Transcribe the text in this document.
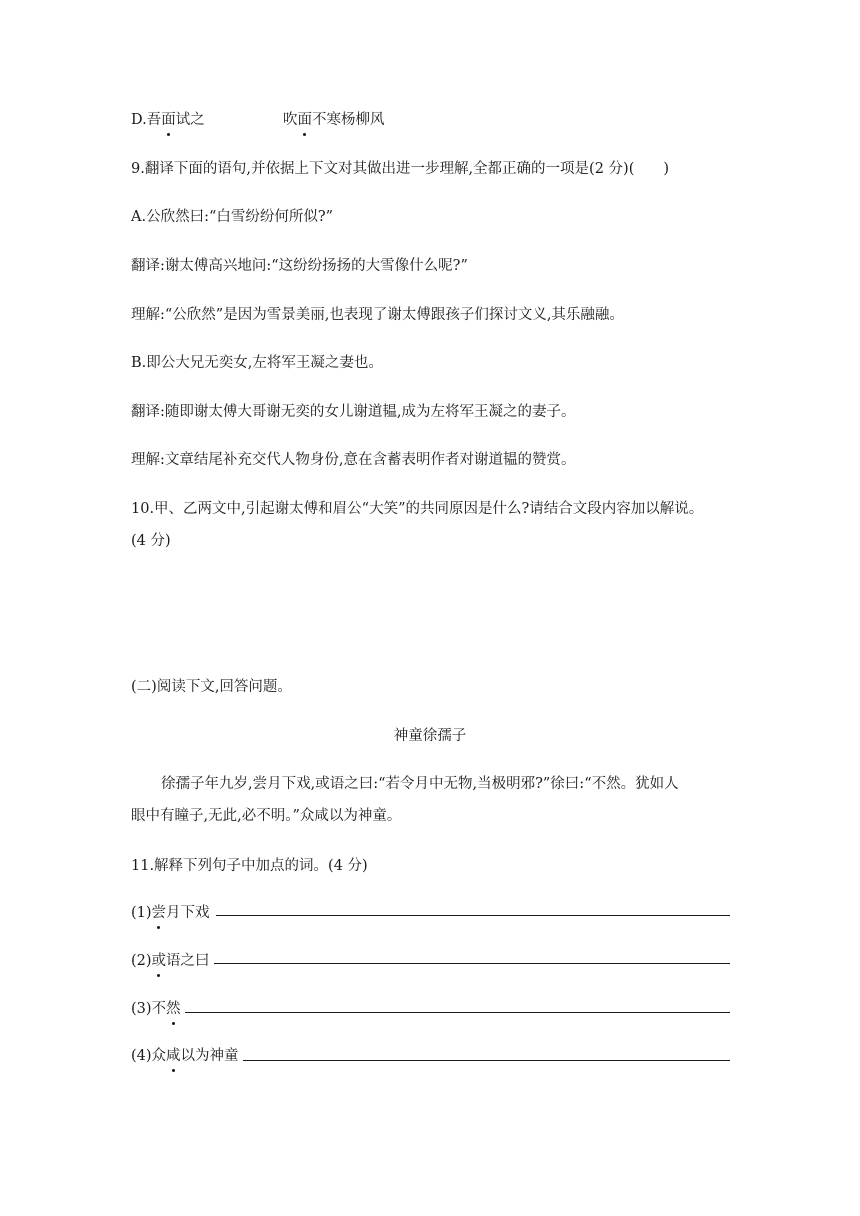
D.吾面试之	吹面不寒杨柳风
9.翻译下面的语句,并依据上下文对其做出进一步理解,全都正确的一项是(2 分)(　　)
A.公欣然曰:“白雪纷纷何所似?”
翻译:谢太傅高兴地问:“这纷纷扬扬的大雪像什么呢?”
理解:“公欣然”是因为雪景美丽,也表现了谢太傅跟孩子们探讨文义,其乐融融。
B.即公大兄无奕女,左将军王凝之妻也。
翻译:随即谢太傅大哥谢无奕的女儿谢道韫,成为左将军王凝之的妻子。
理解:文章结尾补充交代人物身份,意在含蓄表明作者对谢道韫的赞赏。
10.甲、乙两文中,引起谢太傅和眉公“大笑”的共同原因是什么?请结合文段内容加以解说。
(4 分)
(二)阅读下文,回答问题。
神童徐孺子
徐孺子年九岁,尝月下戏,或语之曰:“若令月中无物,当极明邪?”徐曰:“不然。犹如人
眼中有瞳子,无此,必不明。”众咸以为神童。
11.解释下列句子中加点的词。(4 分)
(1)尝月下戏
(2)或语之曰
(3)不然
(4)众咸以为神童
